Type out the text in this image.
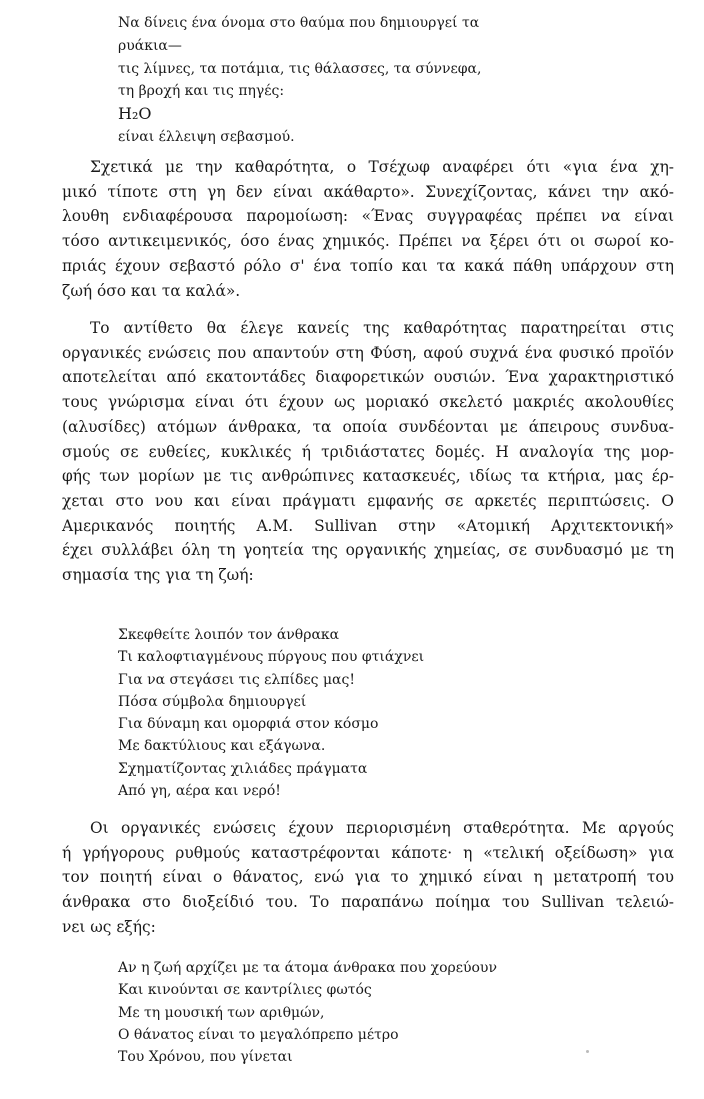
Να δίνεις ένα όνομα στο θαύμα που δημιουργεί τα
ρυάκια—
τις λίμνες, τα ποτάμια, τις θάλασσες, τα σύννεφα,
τη βροχή και τις πηγές:
H₂O
είναι έλλειψη σεβασμού.
Σχετικά με την καθαρότητα, ο Τσέχωφ αναφέρει ότι «για ένα χη-
μικό τίποτε στη γη δεν είναι ακάθαρτο». Συνεχίζοντας, κάνει την ακό-
λουθη ενδιαφέρουσα παρομοίωση: «Ένας συγγραφέας πρέπει να είναι
τόσο αντικειμενικός, όσο ένας χημικός. Πρέπει να ξέρει ότι οι σωροί κο-
πριάς έχουν σεβαστό ρόλο σ' ένα τοπίο και τα κακά πάθη υπάρχουν στη
ζωή όσο και τα καλά».
Το αντίθετο θα έλεγε κανείς της καθαρότητας παρατηρείται στις
οργανικές ενώσεις που απαντούν στη Φύση, αφού συχνά ένα φυσικό προϊόν
αποτελείται από εκατοντάδες διαφορετικών ουσιών. Ένα χαρακτηριστικό
τους γνώρισμα είναι ότι έχουν ως μοριακό σκελετό μακριές ακολουθίες
(αλυσίδες) ατόμων άνθρακα, τα οποία συνδέονται με άπειρους συνδυα-
σμούς σε ευθείες, κυκλικές ή τριδιάστατες δομές. Η αναλογία της μορ-
φής των μορίων με τις ανθρώπινες κατασκευές, ιδίως τα κτήρια, μας έρ-
χεται στο νου και είναι πράγματι εμφανής σε αρκετές περιπτώσεις. Ο
Αμερικανός ποιητής A.M. Sullivan στην «Ατομική Αρχιτεκτονική»
έχει συλλάβει όλη τη γοητεία της οργανικής χημείας, σε συνδυασμό με τη
σημασία της για τη ζωή:
Σκεφθείτε λοιπόν τον άνθρακα
Τι καλοφτιαγμένους πύργους που φτιάχνει
Για να στεγάσει τις ελπίδες μας!
Πόσα σύμβολα δημιουργεί
Για δύναμη και ομορφιά στον κόσμο
Με δακτύλιους και εξάγωνα.
Σχηματίζοντας χιλιάδες πράγματα
Από γη, αέρα και νερό!
Οι οργανικές ενώσεις έχουν περιορισμένη σταθερότητα. Με αργούς
ή γρήγορους ρυθμούς καταστρέφονται κάποτε· η «τελική οξείδωση» για
τον ποιητή είναι ο θάνατος, ενώ για το χημικό είναι η μετατροπή του
άνθρακα στο διοξείδιό του. Το παραπάνω ποίημα του Sullivan τελειώ-
νει ως εξής:
Αν η ζωή αρχίζει με τα άτομα άνθρακα που χορεύουν
Και κινούνται σε καντρίλιες φωτός
Με τη μουσική των αριθμών,
Ο θάνατος είναι το μεγαλόπρεπο μέτρο
Του Χρόνου, που γίνεται
